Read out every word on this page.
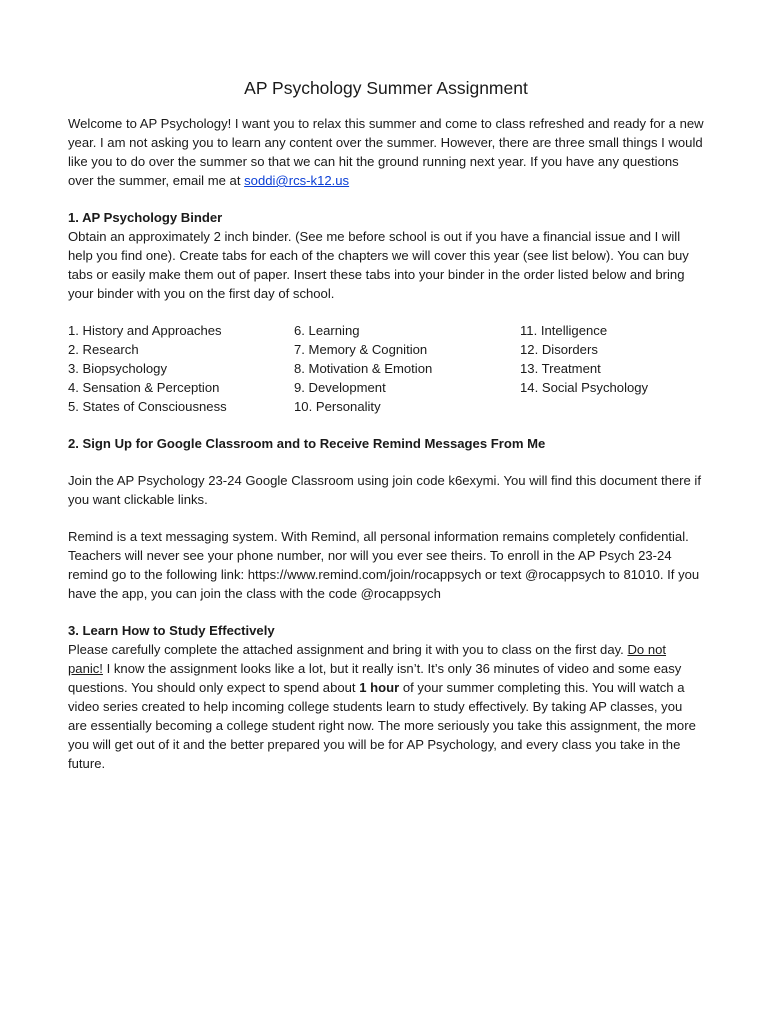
AP Psychology Summer Assignment

Welcome to AP Psychology! I want you to relax this summer and come to class refreshed and ready for a new year. I am not asking you to learn any content over the summer. However, there are three small things I would like you to do over the summer so that we can hit the ground running next year. If you have any questions over the summer, email me at soddi@rcs-k12.us

1. AP Psychology Binder

Obtain an approximately 2 inch binder. (See me before school is out if you have a financial issue and I will help you find one). Create tabs for each of the chapters we will cover this year (see list below). You can buy tabs or easily make them out of paper. Insert these tabs into your binder in the order listed below and bring your binder with you on the first day of school.

1. History and Approaches
2. Research
3. Biopsychology
4. Sensation & Perception
5. States of Consciousness
6. Learning
7. Memory & Cognition
8. Motivation & Emotion
9. Development
10. Personality
11. Intelligence
12. Disorders
13. Treatment
14. Social Psychology

2. Sign Up for Google Classroom and to Receive Remind Messages From Me

Join the AP Psychology 23-24 Google Classroom using join code k6exymi. You will find this document there if you want clickable links.

Remind is a text messaging system. With Remind, all personal information remains completely confidential. Teachers will never see your phone number, nor will you ever see theirs. To enroll in the AP Psych 23-24 remind go to the following link: https://www.remind.com/join/rocappsych or text @rocappsych to 81010. If you have the app, you can join the class with the code @rocappsych

3. Learn How to Study Effectively

Please carefully complete the attached assignment and bring it with you to class on the first day. Do not panic! I know the assignment looks like a lot, but it really isn’t. It’s only 36 minutes of video and some easy questions. You should only expect to spend about 1 hour of your summer completing this. You will watch a video series created to help incoming college students learn to study effectively. By taking AP classes, you are essentially becoming a college student right now. The more seriously you take this assignment, the more you will get out of it and the better prepared you will be for AP Psychology, and every class you take in the future.
